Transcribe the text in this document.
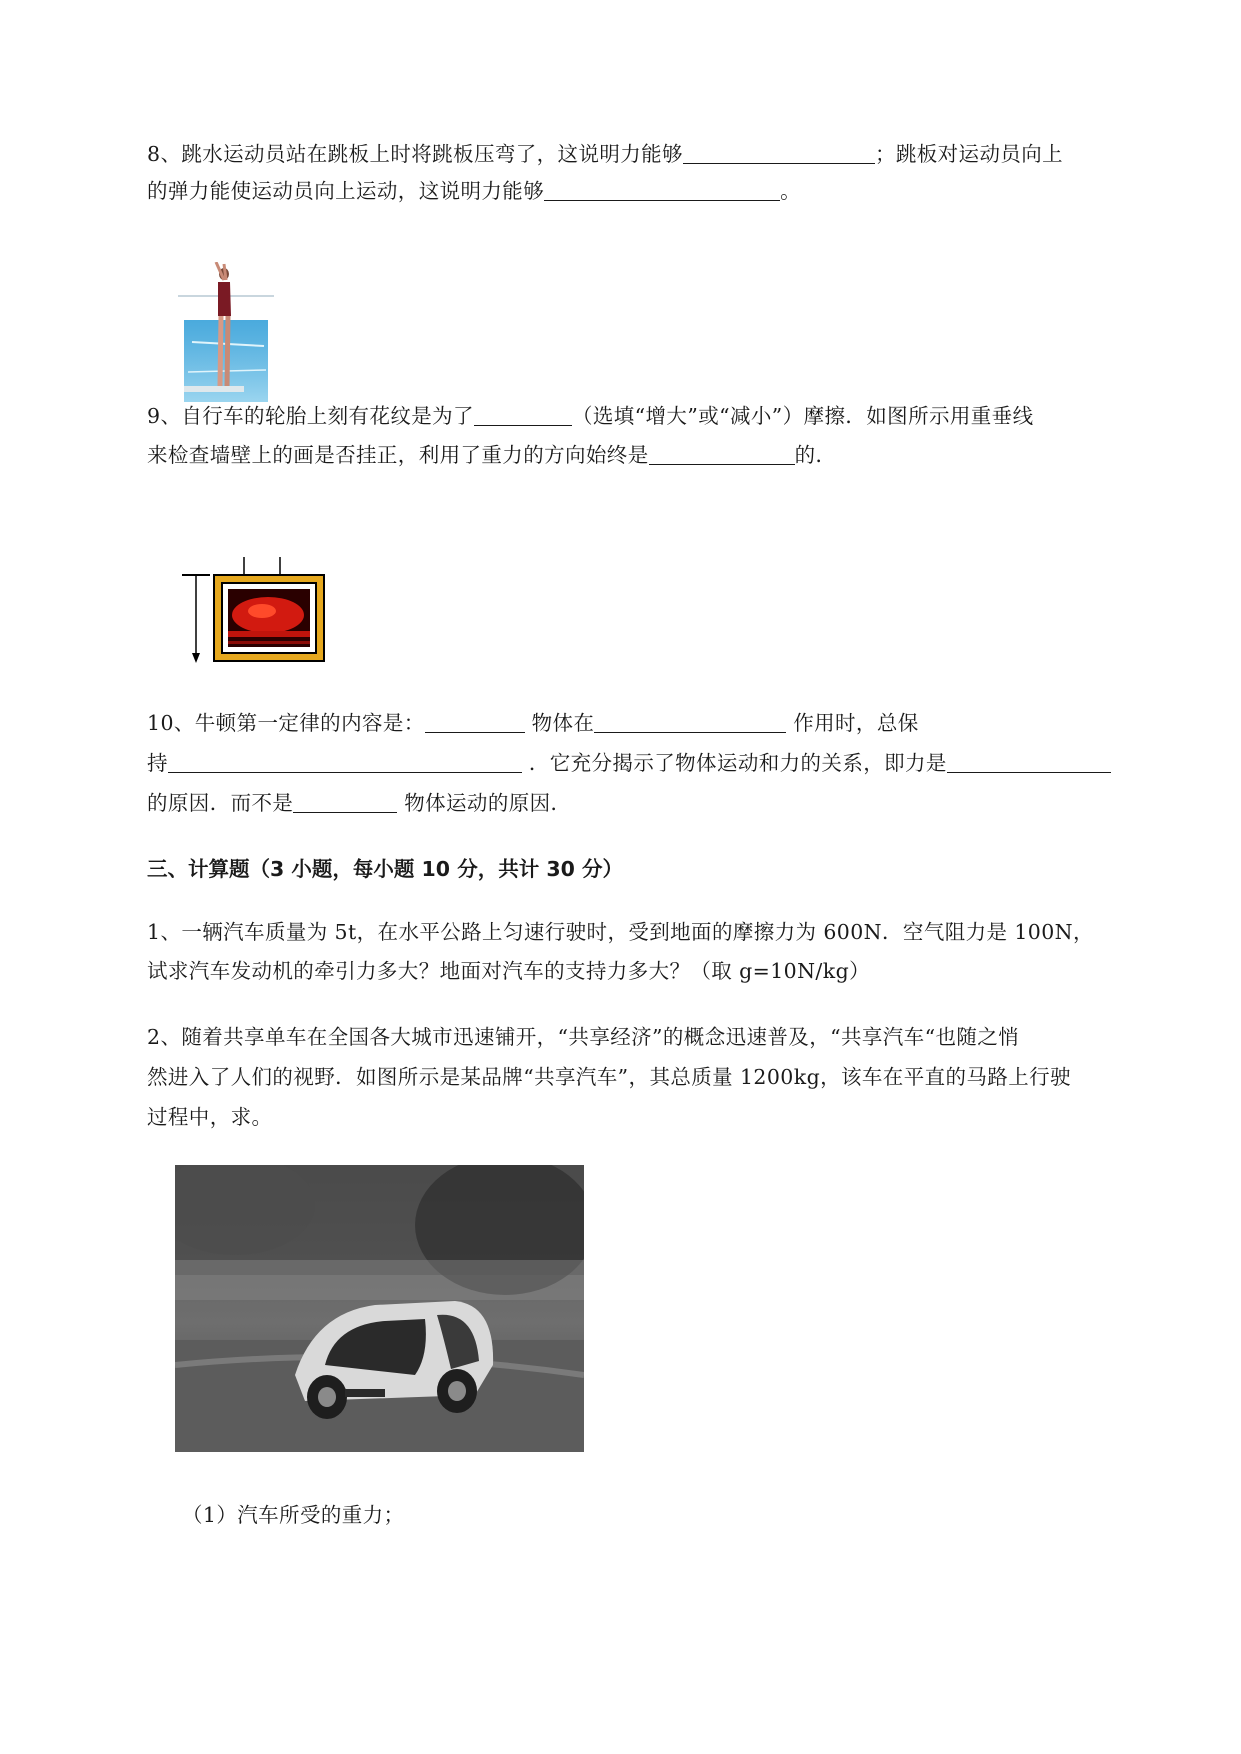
8、跳水运动员站在跳板上时将跳板压弯了，这说明力能够	；跳板对运动员向上
的弹力能使运动员向上运动，这说明力能够	。
9、自行车的轮胎上刻有花纹是为了	（选填“增大”或“减小”）摩擦．如图所示用重垂线
来检查墙壁上的画是否挂正，利用了重力的方向始终是	的．
10、牛顿第一定律的内容是：	物体在	作用时，总保
持	．它充分揭示了物体运动和力的关系，即力是
的原因．而不是	物体运动的原因．
三、计算题（3 小题，每小题 10 分，共计 30 分）
1、一辆汽车质量为 5t，在水平公路上匀速行驶时，受到地面的摩擦力为 600N．空气阻力是 100N，
试求汽车发动机的牵引力多大？地面对汽车的支持力多大？（取 g=10N/kg）
2、随着共享单车在全国各大城市迅速铺开，“共享经济”的概念迅速普及，“共享汽车“也随之悄
然进入了人们的视野．如图所示是某品牌“共享汽车”，其总质量 1200kg，该车在平直的马路上行驶
过程中，求。
（1）汽车所受的重力；
